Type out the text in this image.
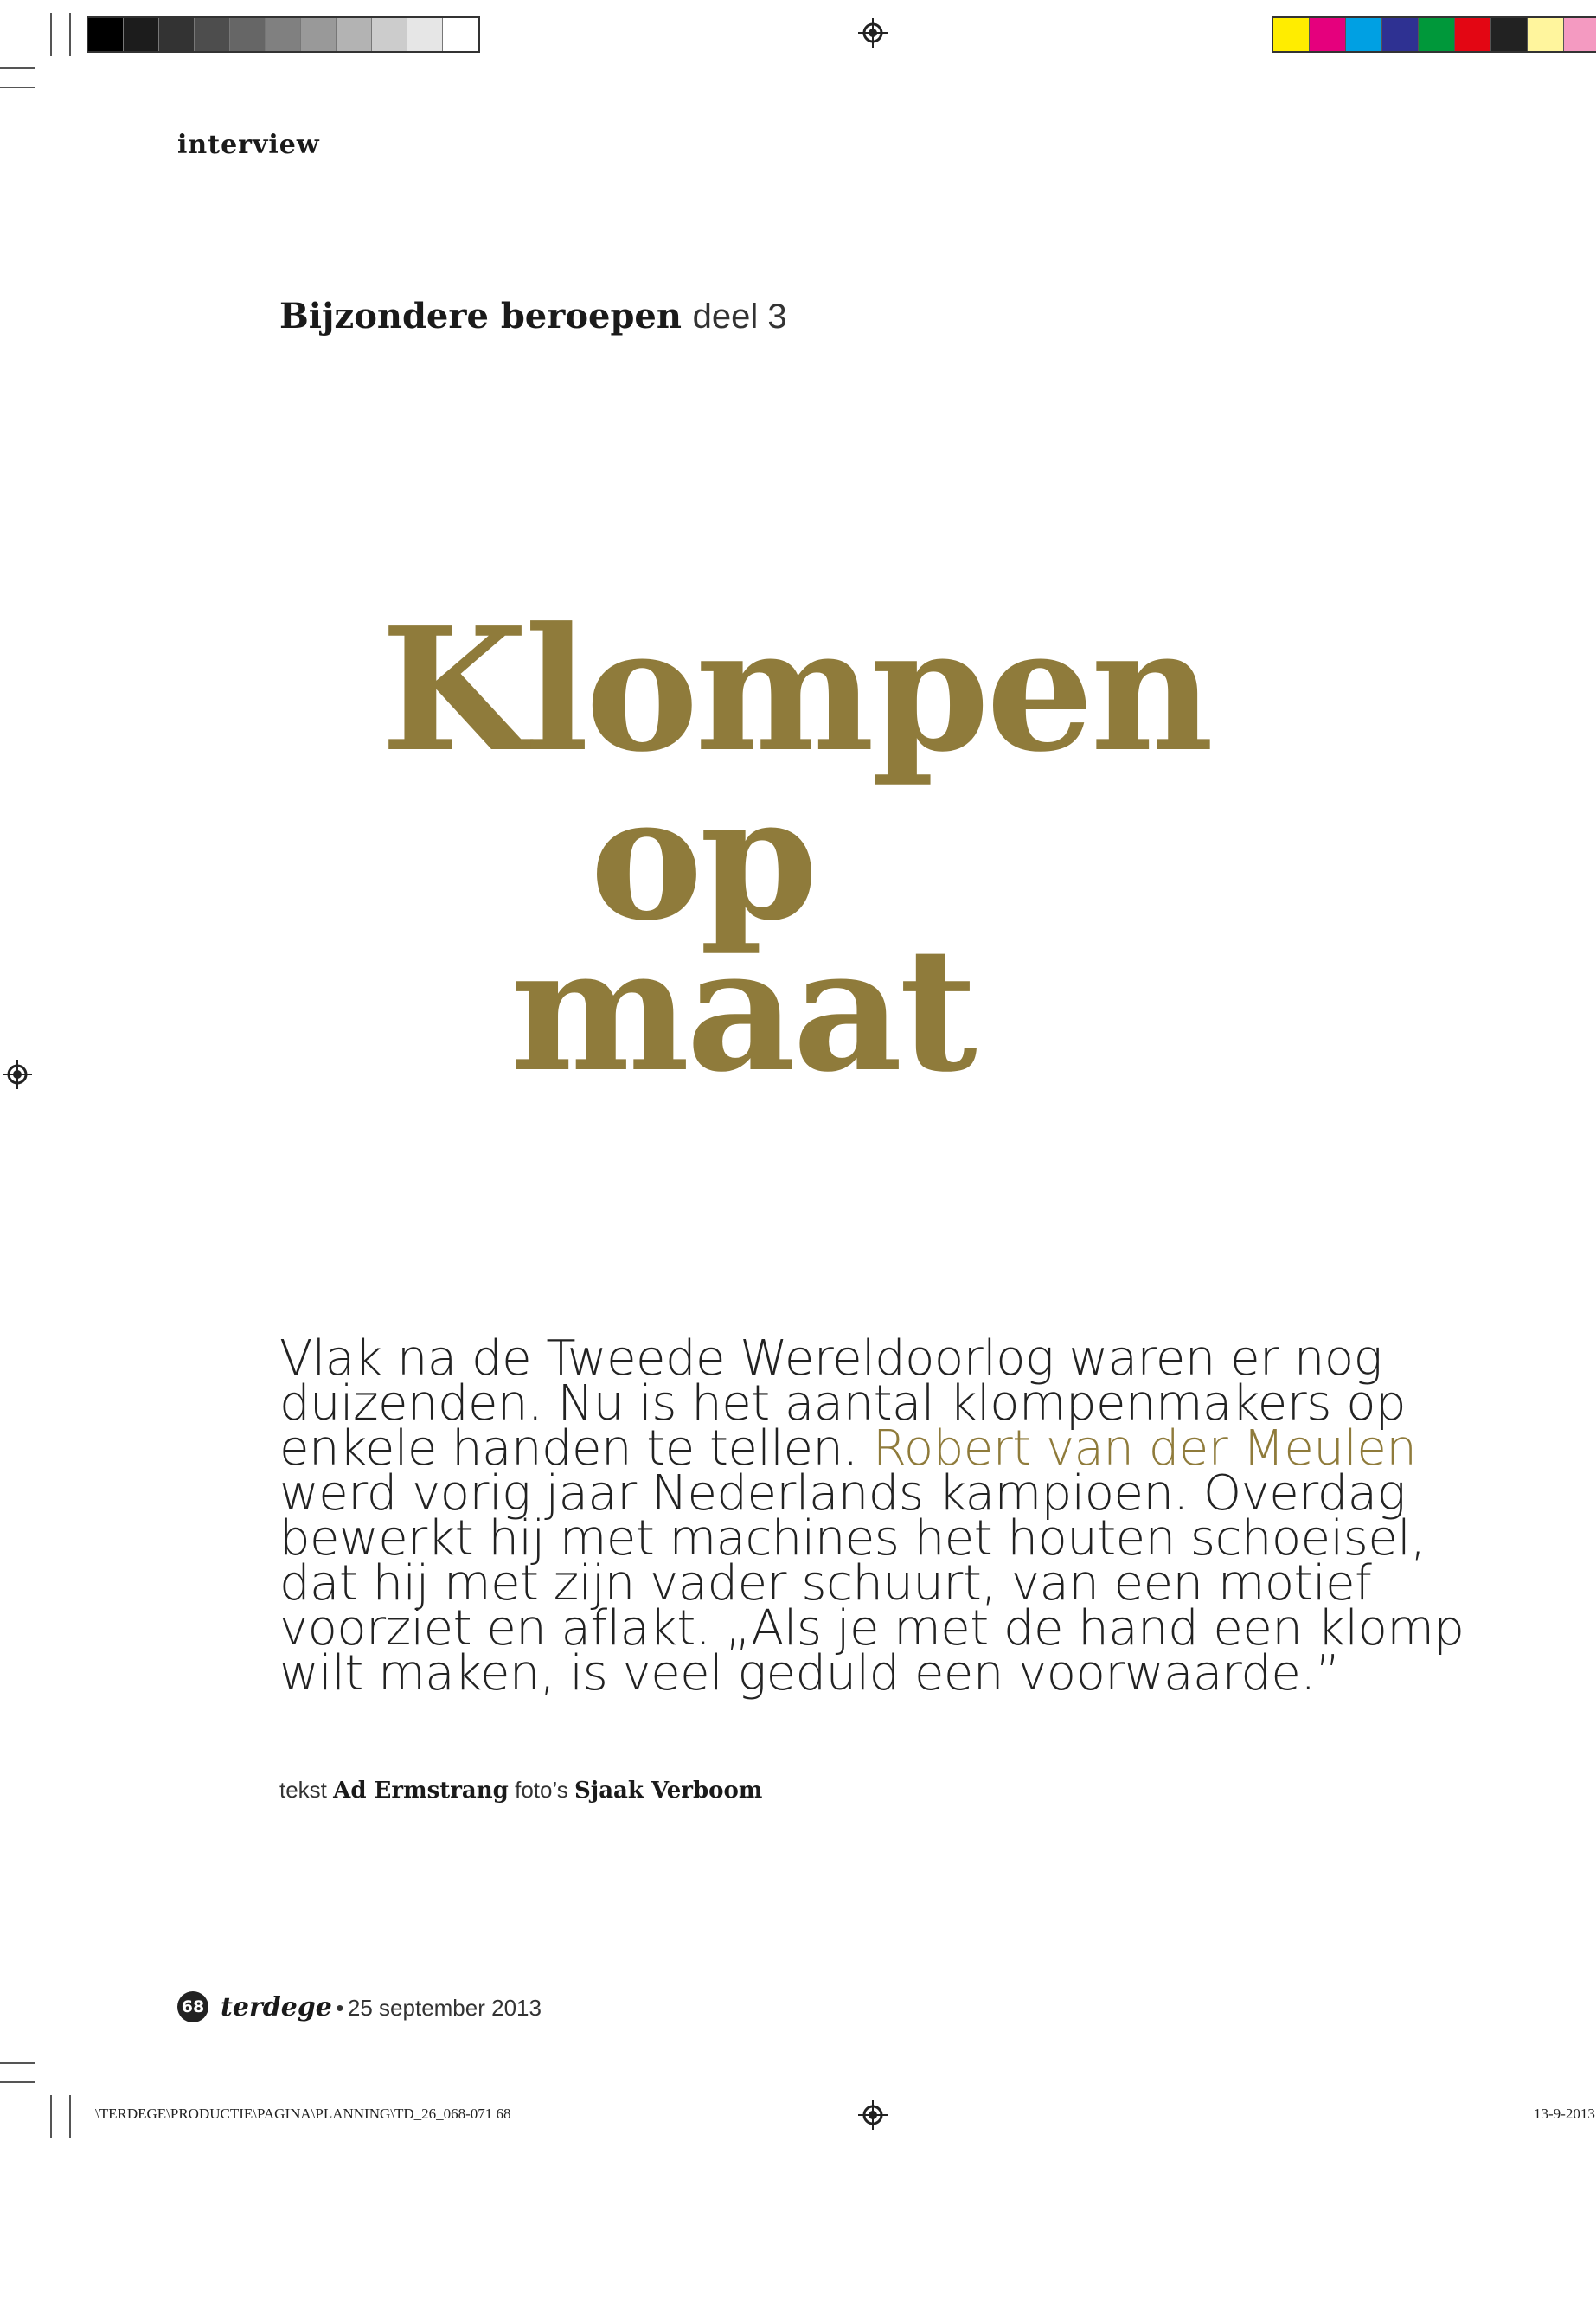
interview
Bijzondere beroepen deel 3
Klompen
op
maat
Vlak na de Tweede Wereldoorlog waren er nog duizenden. Nu is het aantal klompenmakers op enkele handen te tellen. Robert van der Meulen werd vorig jaar Nederlands kampioen. Overdag bewerkt hij met machines het houten schoeisel, dat hij met zijn vader schuurt, van een motief voorziet en aflakt. „Als je met de hand een klomp wilt maken, is veel geduld een voorwaarde.”
tekst Ad Ermstrang foto’s Sjaak Verboom
68 terdege • 25 september 2013
\TERDEGE\PRODUCTIE\PAGINA\PLANNING\TD_26_068-071 68	13-9-2013
